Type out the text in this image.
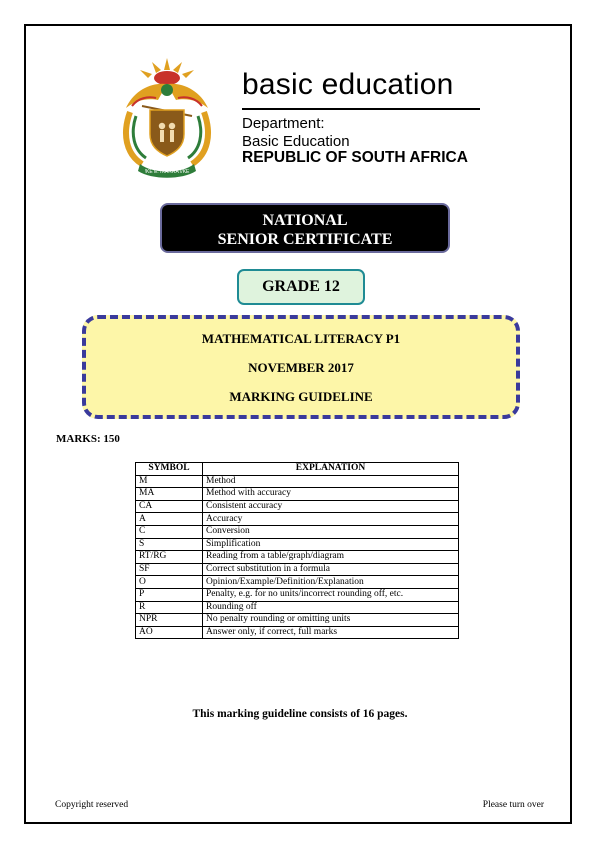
!KE E: /XARRA //KE
basic education
Department:
Basic Education
REPUBLIC OF SOUTH AFRICA
NATIONAL
SENIOR CERTIFICATE
GRADE 12
MATHEMATICAL LITERACY P1
NOVEMBER 2017
MARKING GUIDELINE
MARKS: 150
SYMBOL	EXPLANATION
M	Method
MA	Method with accuracy
CA	Consistent accuracy
A	Accuracy
C	Conversion
S	Simplification
RT/RG	Reading from a table/graph/diagram
SF	Correct substitution in a formula
O	Opinion/Example/Definition/Explanation
P	Penalty, e.g. for no units/incorrect rounding off, etc.
R	Rounding off
NPR	No penalty rounding or omitting units
AO	Answer only, if correct, full marks
This marking guideline consists of 16 pages.
Copyright reserved	Please turn over
